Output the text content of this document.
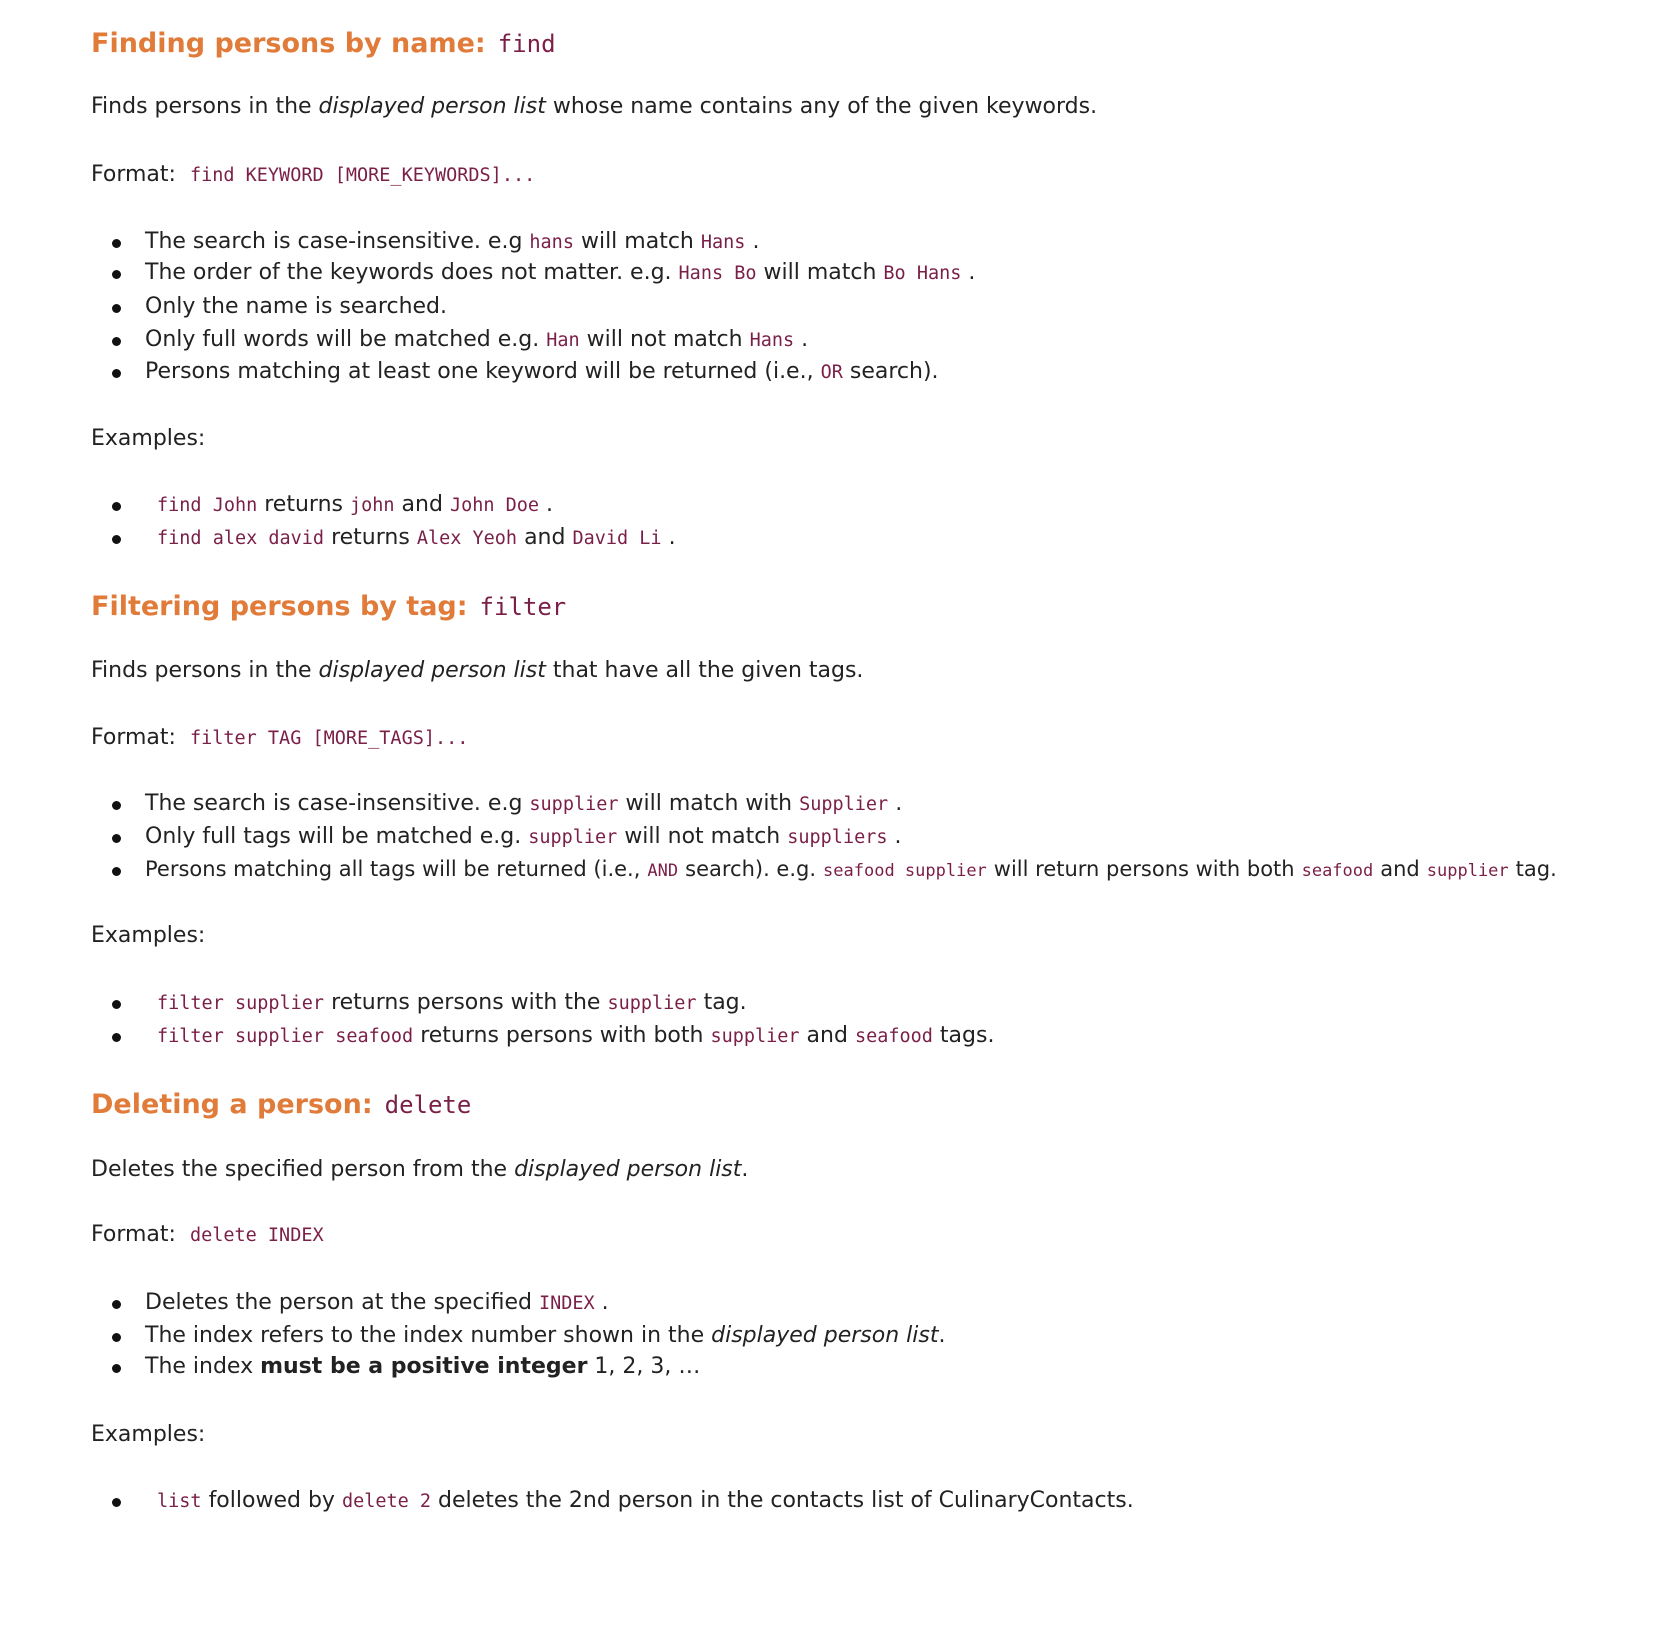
Finding persons by name: find

Finds persons in the displayed person list whose name contains any of the given keywords.

Format: find KEYWORD [MORE_KEYWORDS]...

The search is case-insensitive. e.g hans will match Hans .
The order of the keywords does not matter. e.g. Hans Bo will match Bo Hans .
Only the name is searched.
Only full words will be matched e.g. Han will not match Hans .
Persons matching at least one keyword will be returned (i.e., OR search).

Examples:

find John returns john and John Doe .
find alex david returns Alex Yeoh and David Li .
Filtering persons by tag: filter

Finds persons in the displayed person list that have all the given tags.

Format: filter TAG [MORE_TAGS]...

The search is case-insensitive. e.g supplier will match with Supplier .
Only full tags will be matched e.g. supplier will not match suppliers .
Persons matching all tags will be returned (i.e., AND search). e.g. seafood supplier will return persons with both seafood and supplier tag.

Examples:

filter supplier returns persons with the supplier tag.
filter supplier seafood returns persons with both supplier and seafood tags.
Deleting a person: delete

Deletes the specified person from the displayed person list.

Format: delete INDEX

Deletes the person at the specified INDEX .
The index refers to the index number shown in the displayed person list.
The index must be a positive integer 1, 2, 3, …

Examples:

list followed by delete 2 deletes the 2nd person in the contacts list of CulinaryContacts.
